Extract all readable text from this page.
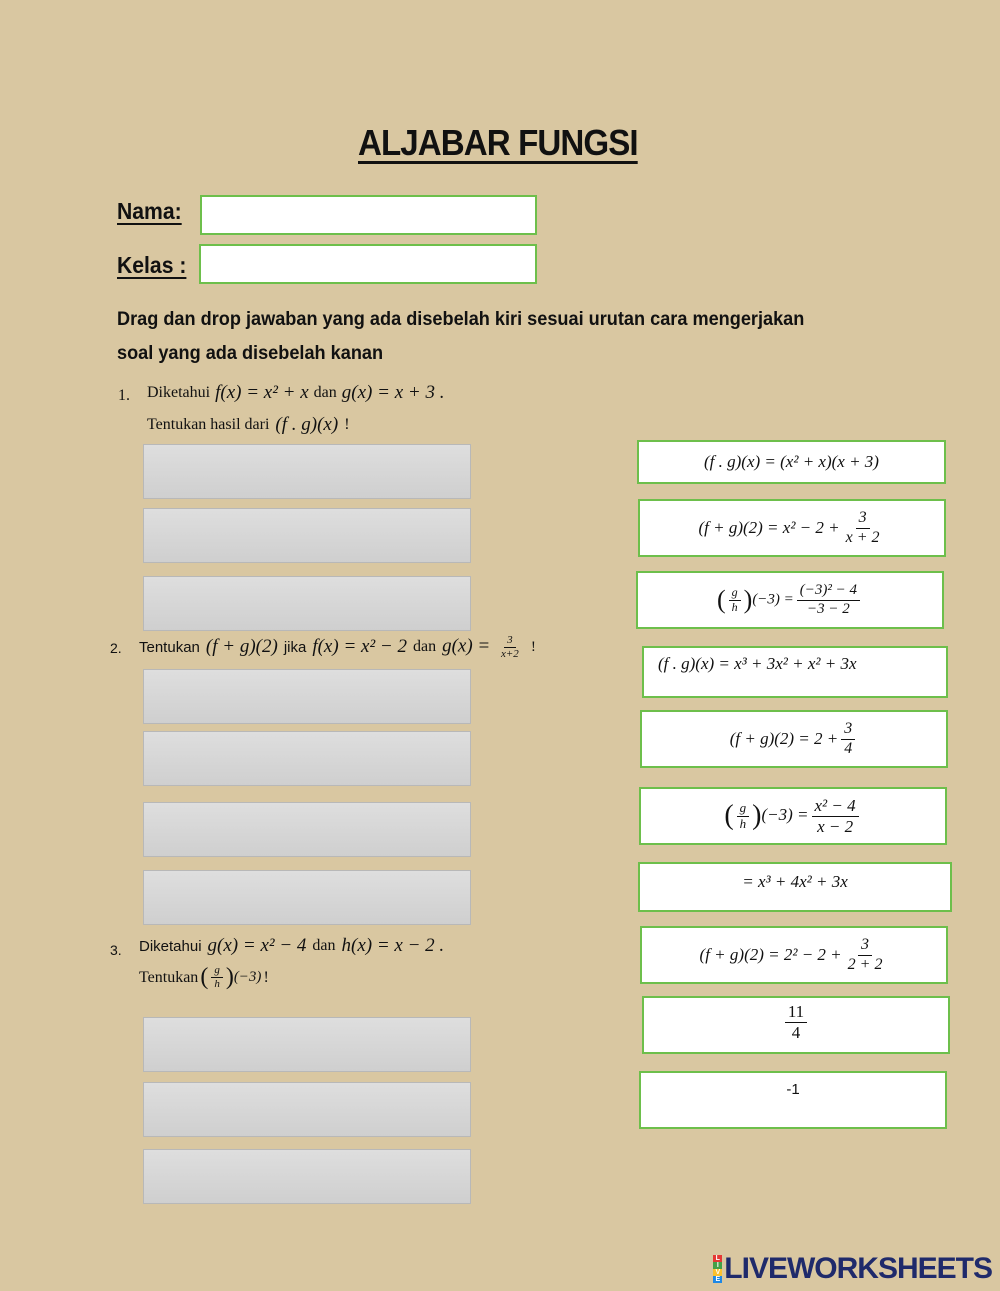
ALJABAR FUNGSI
Nama:
Kelas :
Drag dan drop jawaban yang ada disebelah kiri sesuai urutan cara mengerjakan soal yang ada disebelah kanan
1. Diketahui f(x) = x² + x dan g(x) = x + 3 .
Tentukan hasil dari (f . g)(x) !
2. Tentukan (f + g)(2) jika f(x) = x² − 2 dan $g(x) = \frac{3}{x+2}$ !
3. Diketahui g(x) = x² − 4 dan h(x) = x − 2 .
Tentukan ( $\frac{g}{h} )(-3)$ !
(f . g)(x) = (x² + x)(x + 3)
$(f + g)(2) = x^2 - 2 + \frac{3}{x + 2}$
( $\frac{g}{h} )(-3) = \frac{\text{(−3)² − 4}}{-3 - 2}$
(f . g)(x) = x³ + 3x² + x² + 3x
$(f + g)(2) = 2 + \frac{3}{4}$
( $\frac{g}{h} )(-3) = \frac{\text{x² − 4}}{x - 2}$
= x³ + 4x² + 3x
$(f + g)(2) = 2^2 - 2 + \frac{3}{2 + 2}$
$\frac{11}{4}$
-1
L
I
V
E LIVEWORKSHEETS
